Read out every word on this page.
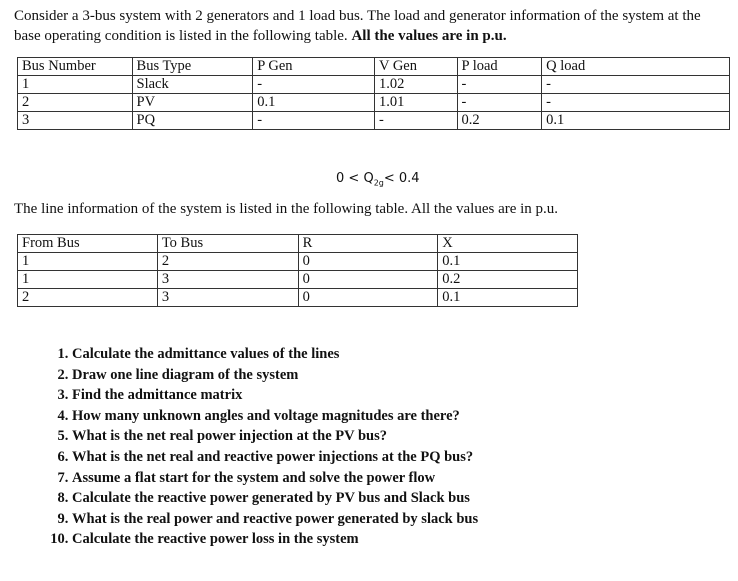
Consider a 3-bus system with 2 generators and 1 load bus. The load and generator information of the system at the base operating condition is listed in the following table. All the values are in p.u.
Bus Number	Bus Type	P Gen	V Gen	P load	Q load
1	Slack	-	1.02	-	-
2	PV	0.1	1.01	-	-
3	PQ	-	-	0.2	0.1
$0 < Q_{2g}< 0.4$
The line information of the system is listed in the following table. All the values are in p.u.
From Bus	To Bus	R	X
1	2	0	0.1
1	3	0	0.2
2	3	0	0.1
1. Calculate the admittance values of the lines
2. Draw one line diagram of the system
3. Find the admittance matrix
4. How many unknown angles and voltage magnitudes are there?
5. What is the net real power injection at the PV bus?
6. What is the net real and reactive power injections at the PQ bus?
7. Assume a flat start for the system and solve the power flow
8. Calculate the reactive power generated by PV bus and Slack bus
9. What is the real power and reactive power generated by slack bus
10. Calculate the reactive power loss in the system
